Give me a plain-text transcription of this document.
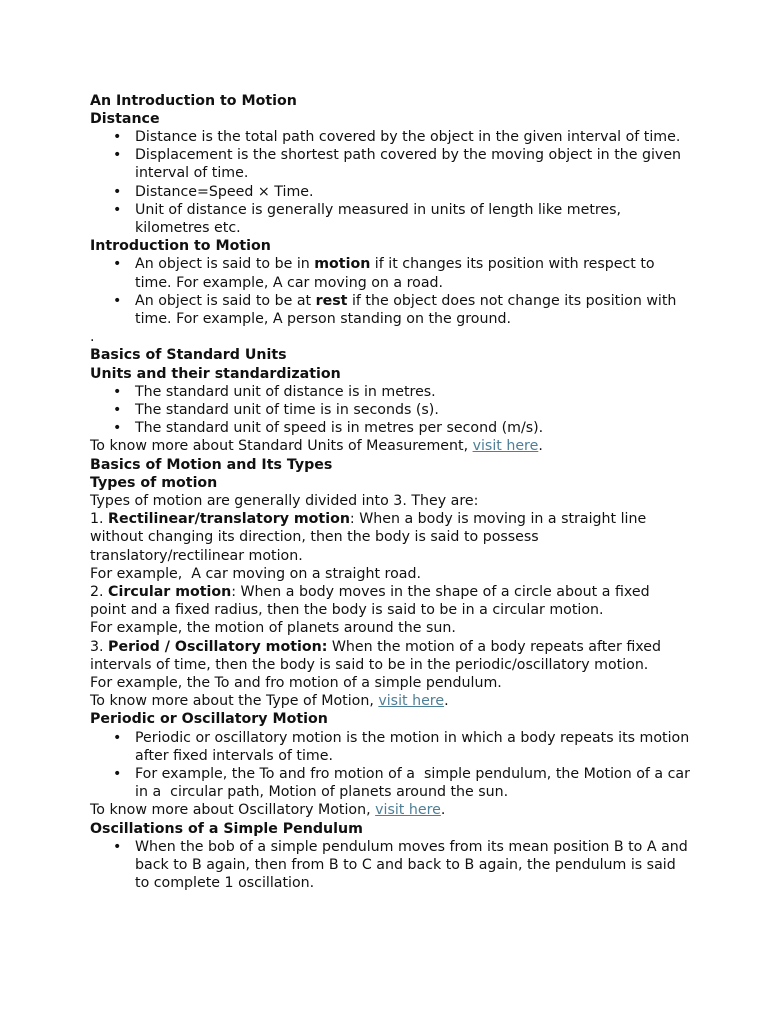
An Introduction to Motion

Distance

• Distance is the total path covered by the object in the given interval of time.
• Displacement is the shortest path covered by the moving object in the given interval of time.
• Distance=Speed × Time.
• Unit of distance is generally measured in units of length like metres, kilometres etc.

Introduction to Motion

• An object is said to be in motion if it changes its position with respect to time. For example, A car moving on a road.
• An object is said to be at rest if the object does not change its position with time. For example, A person standing on the ground.

.

Basics of Standard Units

Units and their standardization

• The standard unit of distance is in metres.
• The standard unit of time is in seconds (s).
• The standard unit of speed is in metres per second (m/s).

To know more about Standard Units of Measurement, visit here.

Basics of Motion and Its Types

Types of motion

Types of motion are generally divided into 3. They are:

1. Rectilinear/translatory motion: When a body is moving in a straight line without changing its direction, then the body is said to possess translatory/rectilinear motion.

For example,  A car moving on a straight road.

2. Circular motion: When a body moves in the shape of a circle about a fixed point and a fixed radius, then the body is said to be in a circular motion.

For example, the motion of planets around the sun.

3. Period / Oscillatory motion: When the motion of a body repeats after fixed intervals of time, then the body is said to be in the periodic/oscillatory motion.

For example, the To and fro motion of a simple pendulum.

To know more about the Type of Motion, visit here.

Periodic or Oscillatory Motion

• Periodic or oscillatory motion is the motion in which a body repeats its motion after fixed intervals of time.
• For example, the To and fro motion of a  simple pendulum, the Motion of a car in a  circular path, Motion of planets around the sun.

To know more about Oscillatory Motion, visit here.

Oscillations of a Simple Pendulum

• When the bob of a simple pendulum moves from its mean position B to A and back to B again, then from B to C and back to B again, the pendulum is said to complete 1 oscillation.
